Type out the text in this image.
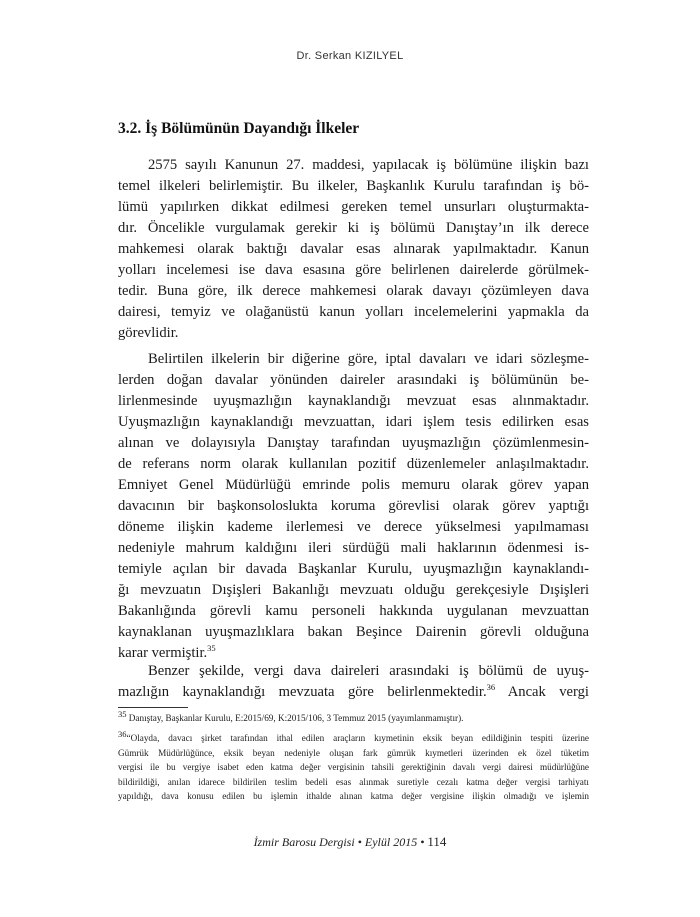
Dr. Serkan KIZILYEL
3.2. İş Bölümünün Dayandığı İlkeler
2575 sayılı Kanunun 27. maddesi, yapılacak iş bölümüne ilişkin bazı
temel ilkeleri belirlemiştir. Bu ilkeler, Başkanlık Kurulu tarafından iş bö-
lümü yapılırken dikkat edilmesi gereken temel unsurları oluşturmakta-
dır. Öncelikle vurgulamak gerekir ki iş bölümü Danıştay’ın ilk derece
mahkemesi olarak baktığı davalar esas alınarak yapılmaktadır. Kanun
yolları incelemesi ise dava esasına göre belirlenen dairelerde görülmek-
tedir. Buna göre, ilk derece mahkemesi olarak davayı çözümleyen dava
dairesi, temyiz ve olağanüstü kanun yolları incelemelerini yapmakla da
görevlidir.
Belirtilen ilkelerin bir diğerine göre, iptal davaları ve idari sözleşme-
lerden doğan davalar yönünden daireler arasındaki iş bölümünün be-
lirlenmesinde uyuşmazlığın kaynaklandığı mevzuat esas alınmaktadır.
Uyuşmazlığın kaynaklandığı mevzuattan, idari işlem tesis edilirken esas
alınan ve dolayısıyla Danıştay tarafından uyuşmazlığın çözümlenmesin-
de referans norm olarak kullanılan pozitif düzenlemeler anlaşılmaktadır.
Emniyet Genel Müdürlüğü emrinde polis memuru olarak görev yapan
davacının bir başkonsoloslukta koruma görevlisi olarak görev yaptığı
döneme ilişkin kademe ilerlemesi ve derece yükselmesi yapılmaması
nedeniyle mahrum kaldığını ileri sürdüğü mali haklarının ödenmesi is-
temiyle açılan bir davada Başkanlar Kurulu, uyuşmazlığın kaynaklandı-
ğı mevzuatın Dışişleri Bakanlığı mevzuatı olduğu gerekçesiyle Dışişleri
Bakanlığında görevli kamu personeli hakkında uygulanan mevzuattan
kaynaklanan uyuşmazlıklara bakan Beşince Dairenin görevli olduğuna
karar vermiştir.$^{35}$
Benzer şekilde, vergi dava daireleri arasındaki iş bölümü de uyuş-
mazlığın kaynaklandığı mevzuata göre belirlenmektedir.$^{36}$ Ancak vergi
$^{35}$ Danıştay, Başkanlar Kurulu, E:2015/69, K:2015/106, 3 Temmuz 2015 (yayımlanmamıştır).
$^{36}$“Olayda, davacı şirket tarafından ithal edilen araçların kıymetinin eksik beyan edildiğinin tespiti üzerine
Gümrük Müdürlüğünce, eksik beyan nedeniyle oluşan fark gümrük kıymetleri üzerinden ek özel tüketim
vergisi ile bu vergiye isabet eden katma değer vergisinin tahsili gerektiğinin davalı vergi dairesi müdürlüğüne
bildirildiği, anılan idarece bildirilen teslim bedeli esas alınmak suretiyle cezalı katma değer vergisi tarhiyatı
yapıldığı, dava konusu edilen bu işlemin ithalde alınan katma değer vergisine ilişkin olmadığı ve işlemin
İzmir Barosu Dergisi • Eylül 2015 • 114
